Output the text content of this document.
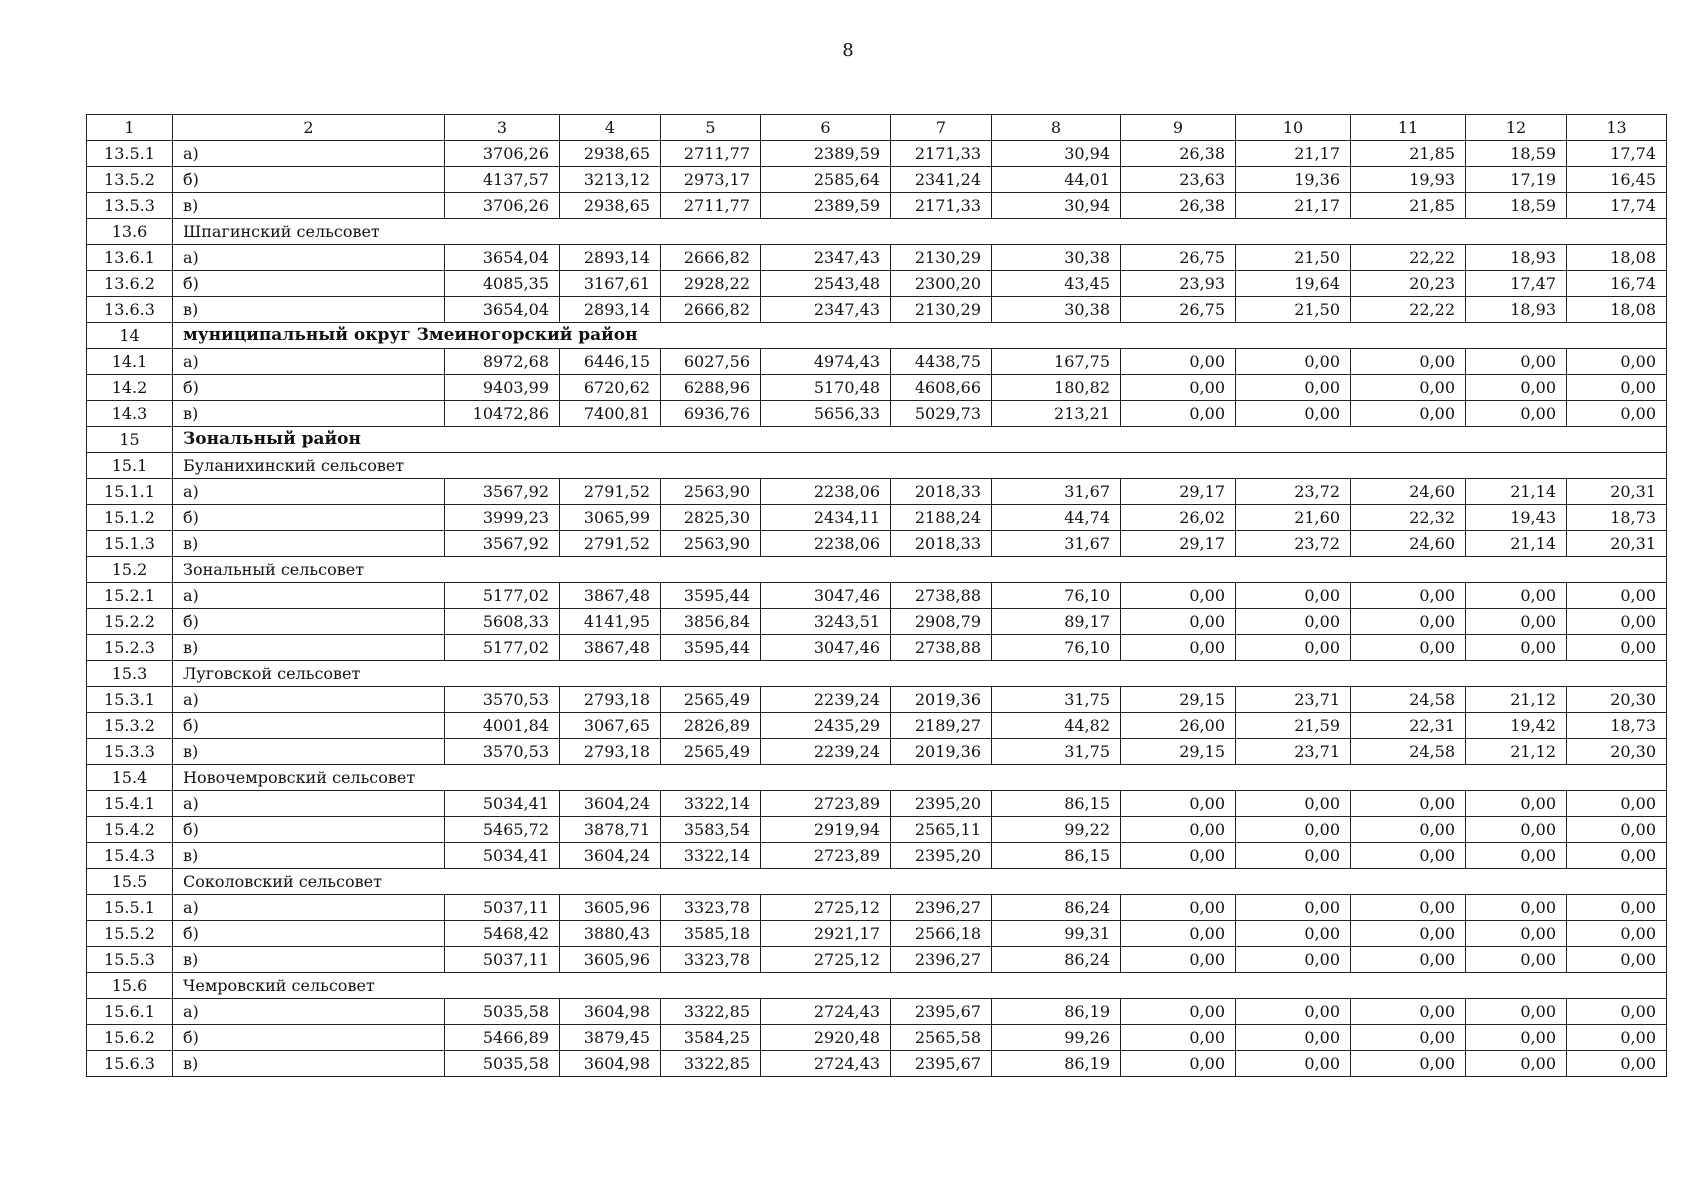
8
1	2	3	4	5	6	7	8	9	10	11	12	13
13.5.1	а)	3706,26	2938,65	2711,77	2389,59	2171,33	30,94	26,38	21,17	21,85	18,59	17,74
13.5.2	б)	4137,57	3213,12	2973,17	2585,64	2341,24	44,01	23,63	19,36	19,93	17,19	16,45
13.5.3	в)	3706,26	2938,65	2711,77	2389,59	2171,33	30,94	26,38	21,17	21,85	18,59	17,74
13.6	Шпагинский сельсовет											
13.6.1	а)	3654,04	2893,14	2666,82	2347,43	2130,29	30,38	26,75	21,50	22,22	18,93	18,08
13.6.2	б)	4085,35	3167,61	2928,22	2543,48	2300,20	43,45	23,93	19,64	20,23	17,47	16,74
13.6.3	в)	3654,04	2893,14	2666,82	2347,43	2130,29	30,38	26,75	21,50	22,22	18,93	18,08
14	муниципальный округ Змеиногорский район											
14.1	а)	8972,68	6446,15	6027,56	4974,43	4438,75	167,75	0,00	0,00	0,00	0,00	0,00
14.2	б)	9403,99	6720,62	6288,96	5170,48	4608,66	180,82	0,00	0,00	0,00	0,00	0,00
14.3	в)	10472,86	7400,81	6936,76	5656,33	5029,73	213,21	0,00	0,00	0,00	0,00	0,00
15	Зональный район											
15.1	Буланихинский сельсовет											
15.1.1	а)	3567,92	2791,52	2563,90	2238,06	2018,33	31,67	29,17	23,72	24,60	21,14	20,31
15.1.2	б)	3999,23	3065,99	2825,30	2434,11	2188,24	44,74	26,02	21,60	22,32	19,43	18,73
15.1.3	в)	3567,92	2791,52	2563,90	2238,06	2018,33	31,67	29,17	23,72	24,60	21,14	20,31
15.2	Зональный сельсовет											
15.2.1	а)	5177,02	3867,48	3595,44	3047,46	2738,88	76,10	0,00	0,00	0,00	0,00	0,00
15.2.2	б)	5608,33	4141,95	3856,84	3243,51	2908,79	89,17	0,00	0,00	0,00	0,00	0,00
15.2.3	в)	5177,02	3867,48	3595,44	3047,46	2738,88	76,10	0,00	0,00	0,00	0,00	0,00
15.3	Луговской сельсовет											
15.3.1	а)	3570,53	2793,18	2565,49	2239,24	2019,36	31,75	29,15	23,71	24,58	21,12	20,30
15.3.2	б)	4001,84	3067,65	2826,89	2435,29	2189,27	44,82	26,00	21,59	22,31	19,42	18,73
15.3.3	в)	3570,53	2793,18	2565,49	2239,24	2019,36	31,75	29,15	23,71	24,58	21,12	20,30
15.4	Новочемровский сельсовет											
15.4.1	а)	5034,41	3604,24	3322,14	2723,89	2395,20	86,15	0,00	0,00	0,00	0,00	0,00
15.4.2	б)	5465,72	3878,71	3583,54	2919,94	2565,11	99,22	0,00	0,00	0,00	0,00	0,00
15.4.3	в)	5034,41	3604,24	3322,14	2723,89	2395,20	86,15	0,00	0,00	0,00	0,00	0,00
15.5	Соколовский сельсовет											
15.5.1	а)	5037,11	3605,96	3323,78	2725,12	2396,27	86,24	0,00	0,00	0,00	0,00	0,00
15.5.2	б)	5468,42	3880,43	3585,18	2921,17	2566,18	99,31	0,00	0,00	0,00	0,00	0,00
15.5.3	в)	5037,11	3605,96	3323,78	2725,12	2396,27	86,24	0,00	0,00	0,00	0,00	0,00
15.6	Чемровский сельсовет											
15.6.1	а)	5035,58	3604,98	3322,85	2724,43	2395,67	86,19	0,00	0,00	0,00	0,00	0,00
15.6.2	б)	5466,89	3879,45	3584,25	2920,48	2565,58	99,26	0,00	0,00	0,00	0,00	0,00
15.6.3	в)	5035,58	3604,98	3322,85	2724,43	2395,67	86,19	0,00	0,00	0,00	0,00	0,00
